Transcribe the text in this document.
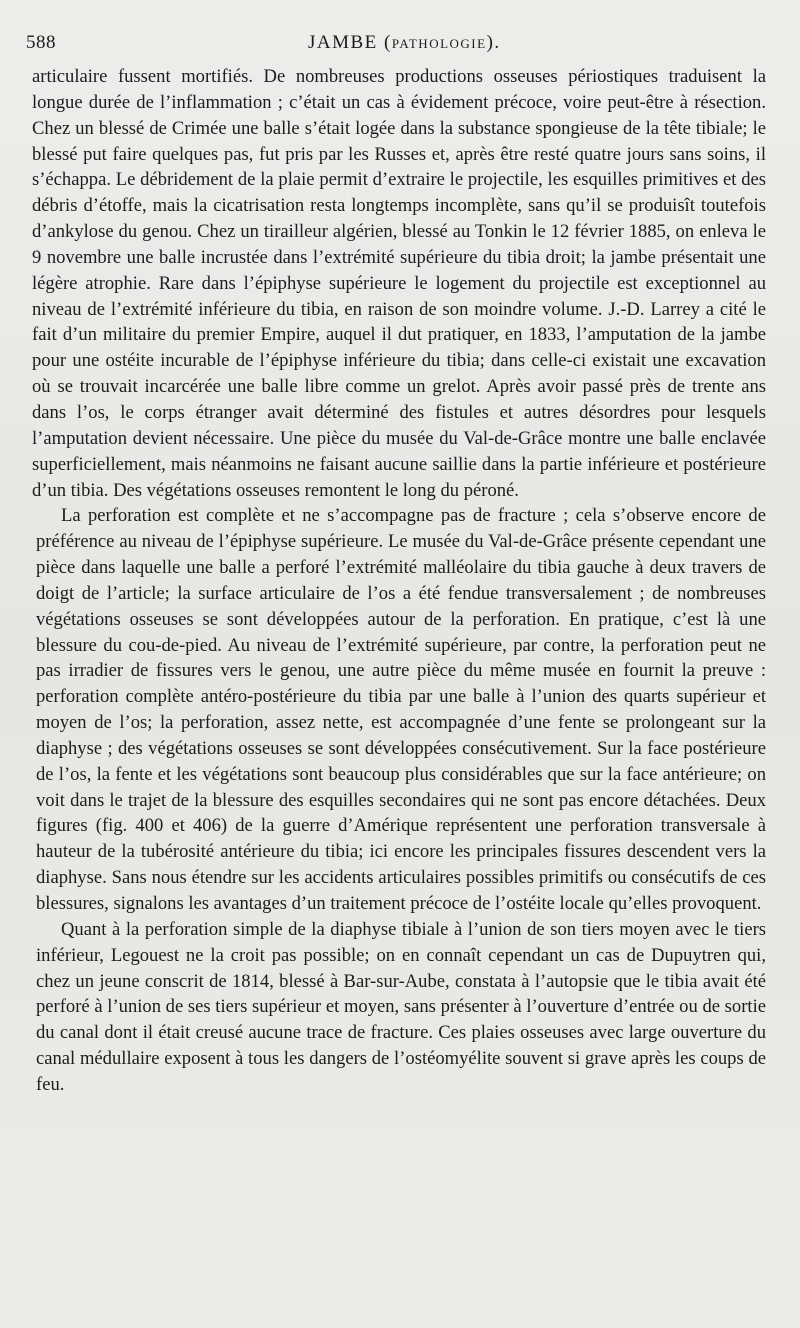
588	JAMBE (PATHOLOGIE).

articulaire fussent mortifiés. De nombreuses productions osseuses périostiques traduisent la longue durée de l’inflammation ; c’était un cas à évidement précoce, voire peut-être à résection. Chez un blessé de Crimée une balle s’était logée dans la substance spongieuse de la tête tibiale; le blessé put faire quelques pas, fut pris par les Russes et, après être resté quatre jours sans soins, il s’échappa. Le débridement de la plaie permit d’extraire le projectile, les esquilles primitives et des débris d’étoffe, mais la cicatrisation resta longtemps incomplète, sans qu’il se produisît toutefois d’ankylose du genou. Chez un tirailleur algérien, blessé au Tonkin le 12 février 1885, on enleva le 9 novembre une balle incrustée dans l’extrémité supérieure du tibia droit; la jambe présentait une légère atrophie. Rare dans l’épiphyse supérieure le logement du projectile est exceptionnel au niveau de l’extrémité inférieure du tibia, en raison de son moindre volume. J.-D. Larrey a cité le fait d’un militaire du premier Empire, auquel il dut pratiquer, en 1833, l’amputation de la jambe pour une ostéite incurable de l’épiphyse inférieure du tibia; dans celle-ci existait une excavation où se trouvait incarcérée une balle libre comme un grelot. Après avoir passé près de trente ans dans l’os, le corps étranger avait déterminé des fistules et autres désordres pour lesquels l’amputation devient nécessaire. Une pièce du musée du Val-de-Grâce montre une balle enclavée superficiellement, mais néanmoins ne faisant aucune saillie dans la partie inférieure et postérieure d’un tibia. Des végétations osseuses remontent le long du péroné.

La perforation est complète et ne s’accompagne pas de fracture ; cela s’observe encore de préférence au niveau de l’épiphyse supérieure. Le musée du Val-de-Grâce présente cependant une pièce dans laquelle une balle a perforé l’extrémité malléolaire du tibia gauche à deux travers de doigt de l’article; la surface articulaire de l’os a été fendue transversalement ; de nombreuses végétations osseuses se sont développées autour de la perforation. En pratique, c’est là une blessure du cou-de-pied. Au niveau de l’extrémité supérieure, par contre, la perforation peut ne pas irradier de fissures vers le genou, une autre pièce du même musée en fournit la preuve : perforation complète antéro-postérieure du tibia par une balle à l’union des quarts supérieur et moyen de l’os; la perforation, assez nette, est accompagnée d’une fente se prolongeant sur la diaphyse ; des végétations osseuses se sont développées consécutivement. Sur la face postérieure de l’os, la fente et les végétations sont beaucoup plus considérables que sur la face antérieure; on voit dans le trajet de la blessure des esquilles secondaires qui ne sont pas encore détachées. Deux figures (fig. 400 et 406) de la guerre d’Amérique représentent une perforation transversale à hauteur de la tubérosité antérieure du tibia; ici encore les principales fissures descendent vers la diaphyse. Sans nous étendre sur les accidents articulaires possibles primitifs ou consécutifs de ces blessures, signalons les avantages d’un traitement précoce de l’ostéite locale qu’elles provoquent.

Quant à la perforation simple de la diaphyse tibiale à l’union de son tiers moyen avec le tiers inférieur, Legouest ne la croit pas possible; on en connaît cependant un cas de Dupuytren qui, chez un jeune conscrit de 1814, blessé à Bar-sur-Aube, constata à l’autopsie que le tibia avait été perforé à l’union de ses tiers supérieur et moyen, sans présenter à l’ouverture d’entrée ou de sortie du canal dont il était creusé aucune trace de fracture. Ces plaies osseuses avec large ouverture du canal médullaire exposent à tous les dangers de l’ostéomyélite souvent si grave après les coups de feu.
